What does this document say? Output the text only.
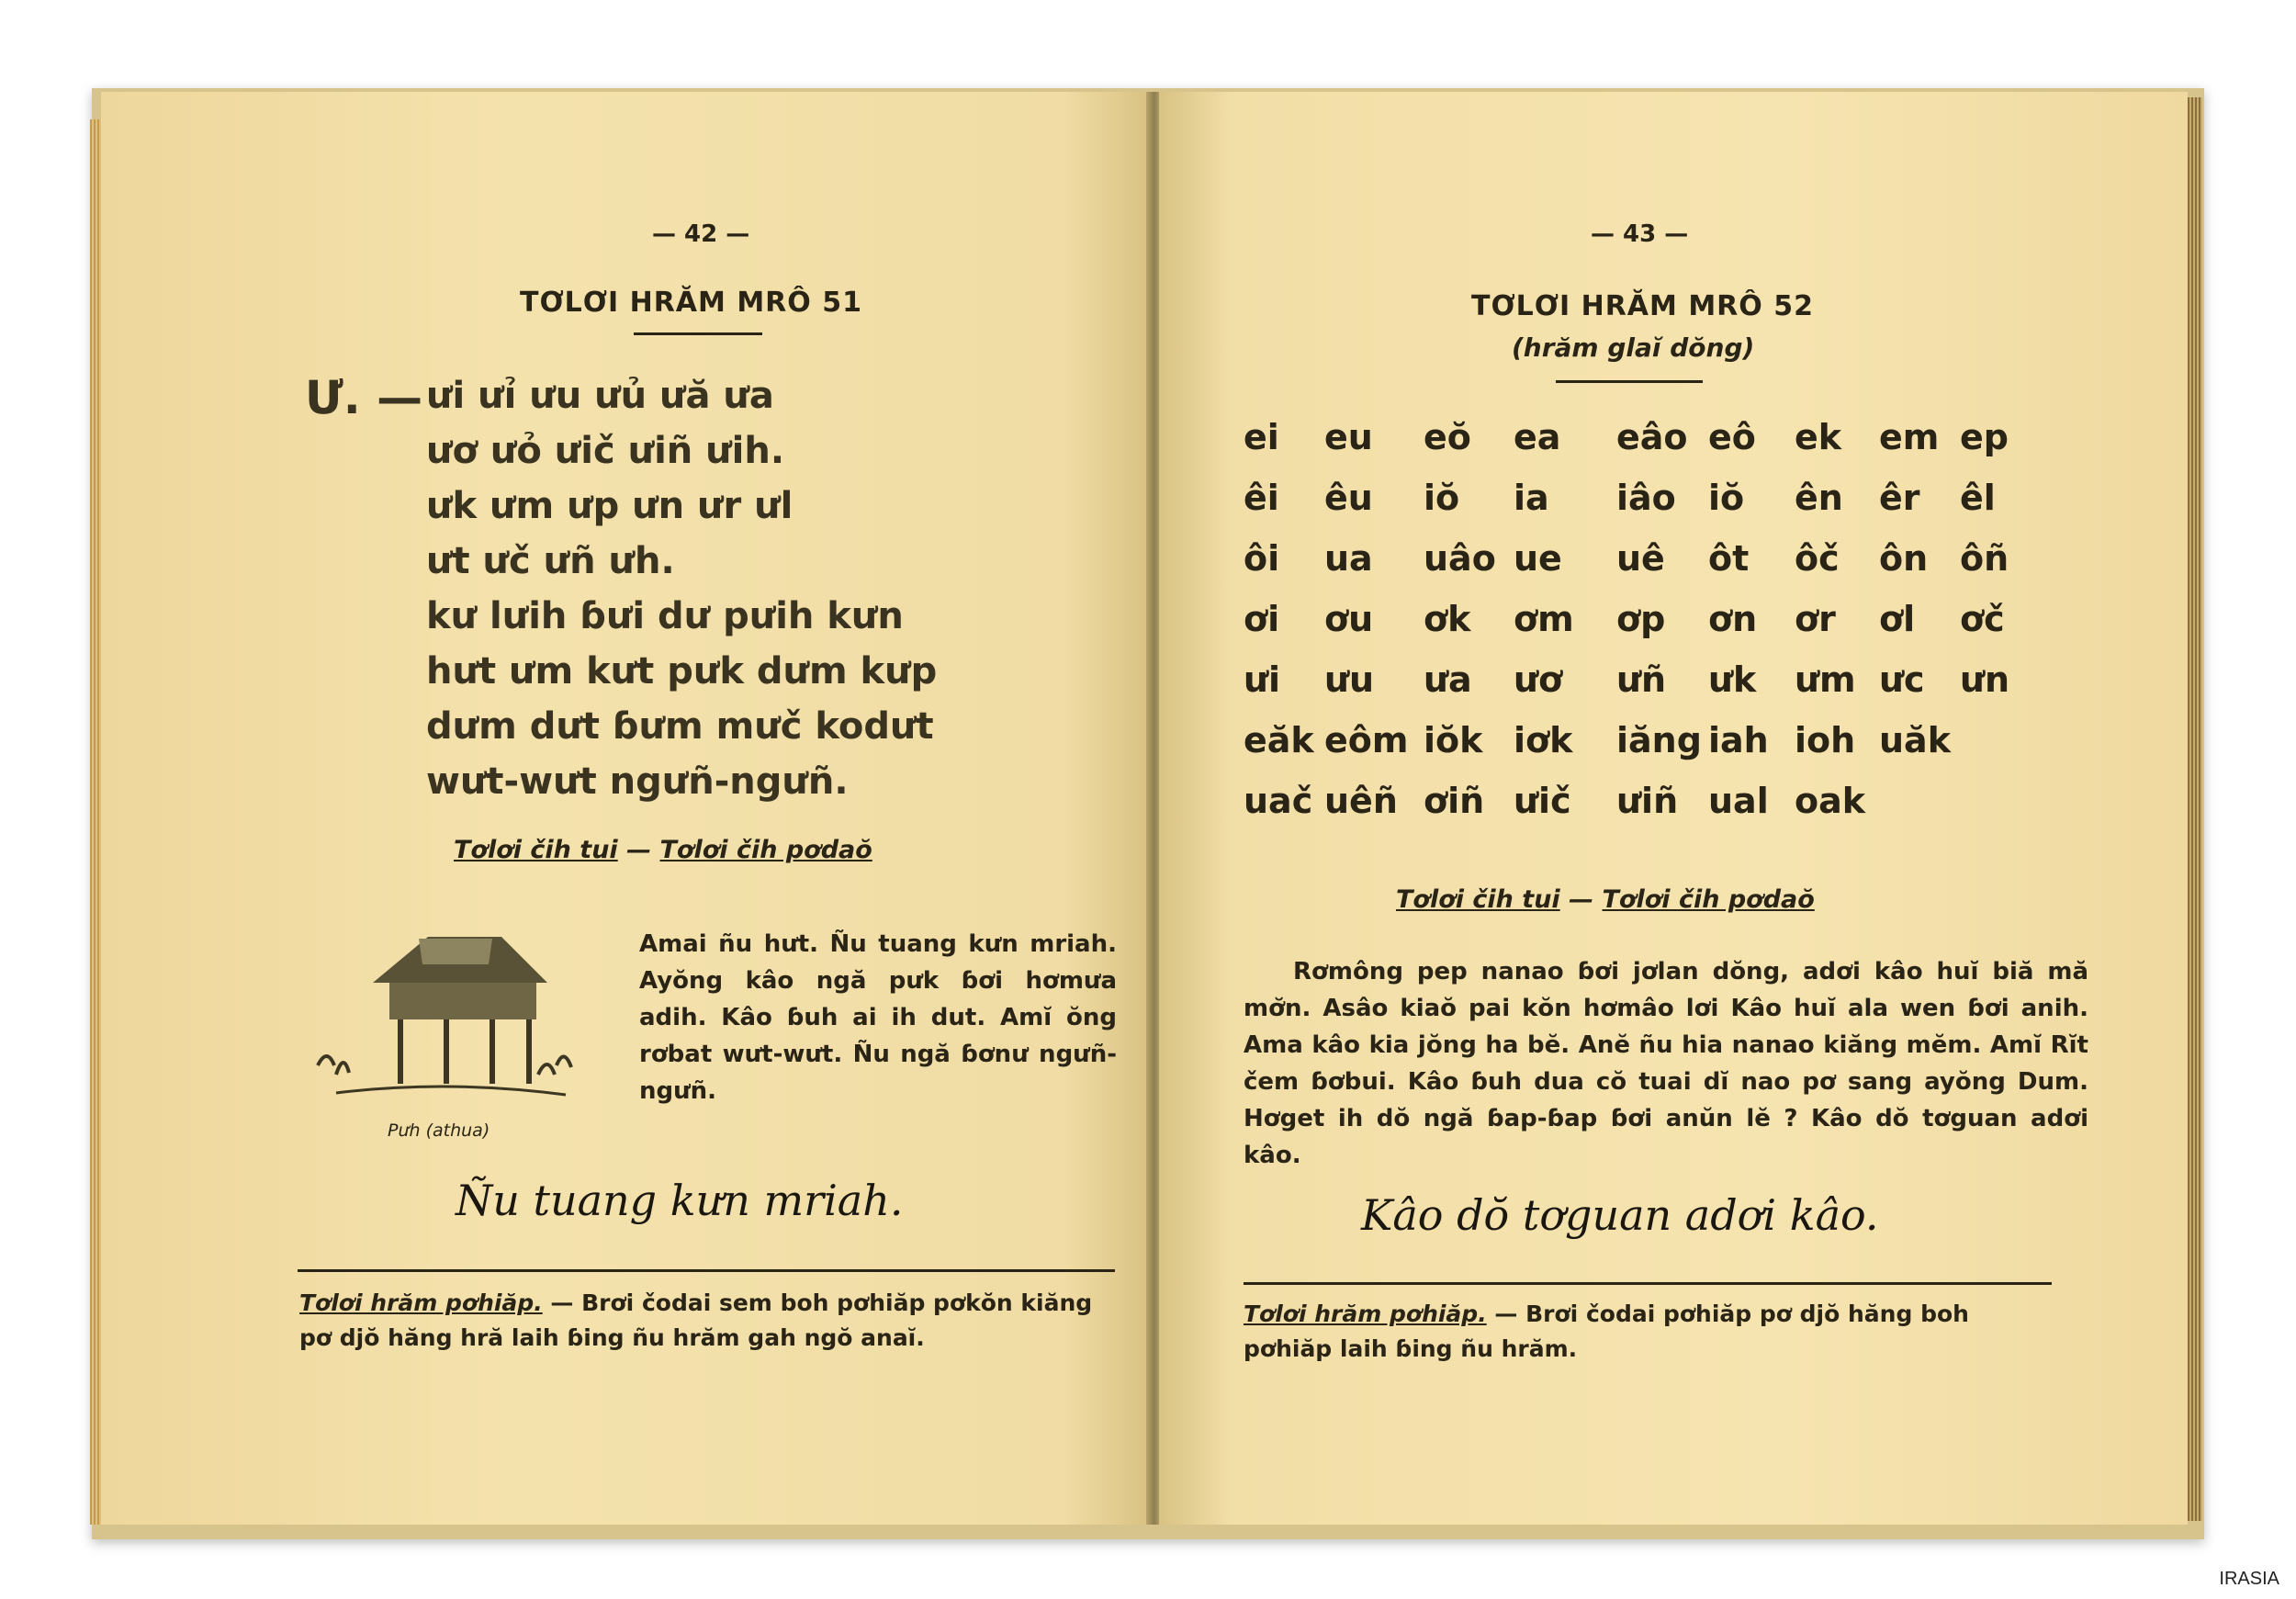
— 42 —
TƠLƠI HRĂM MRÔ 51
Ư. — ưi ưỉ ưu ưủ ưă ưa
ươ ưỏ ưič ưiñ ưih.
ưk ưm ưp ưn ưr ưl
ưt ưč ưñ ưh.
kư lưih ɓưi dư pưih kưn
hưt ưm kưt pưk dưm kưp
dưm dưt ɓưm mưč kodưt
wưt-wưt ngưñ-ngưñ.
Tơlơi čih tui — Tơlơi čih pơdaŏ
Pưh (athua)
Amai ñu hưt. Ñu tuang kưn mriah. Ayŏng kâo ngă pưk ɓơi hơmưa adih. Kâo ɓuh ai ih dut. Amĭ ŏng rơbat wưt-wưt. Ñu ngă ɓơnư ngưñ-ngưñ.
Ñu tuang kưn mriah.
Tơlơi hrăm pơhiăp. — Brơi čodai sem boh pơhiăp pơkŏn kiăng pơ djŏ hăng hră laih ɓing ñu hrăm gah ngŏ anaĭ.
— 43 —
TƠLƠI HRĂM MRÔ 52
(hrăm glaĭ dŏng)
ei eu eŏ ea eâo eô ek em ep
êi êu iŏ ia iâo iŏ ên êr êl
ôi ua uâo ue uê ôt ôč ôn ôñ
ơi ơu ơk ơm ơp ơn ơr ơl ơč
ưi ưu ưa ươ ưñ ưk ưm ưc ưn
eăk eôm iŏk iơk iăng iah ioh uăk
uač uêñ ơiñ ưič ưiñ ual oak
Tơlơi čih tui — Tơlơi čih pơdaŏ
Rơmông pep nanao ɓơi jơlan dŏng, adơi kâo huĭ biă mă mơ̆n. Asâo kiaŏ pai kŏn hơmâo lơi Kâo huĭ ala wen ɓơi anih. Ama kâo kia jŏng ha bĕ. Anĕ ñu hia nanao kiăng mĕm. Amĭ Rĭt čem ɓơbui. Kâo ɓuh dua cŏ tuai dĭ nao pơ sang ayŏng Dum. Hơget ih dŏ ngă ɓap-ɓap ɓơi anŭn lĕ ? Kâo dŏ tơguan adơi kâo.
Kâo dŏ tơguan adơi kâo.
Tơlơi hrăm pơhiăp. — Brơi čodai pơhiăp pơ djŏ hăng boh pơhiăp laih ɓing ñu hrăm.
IRASIA
